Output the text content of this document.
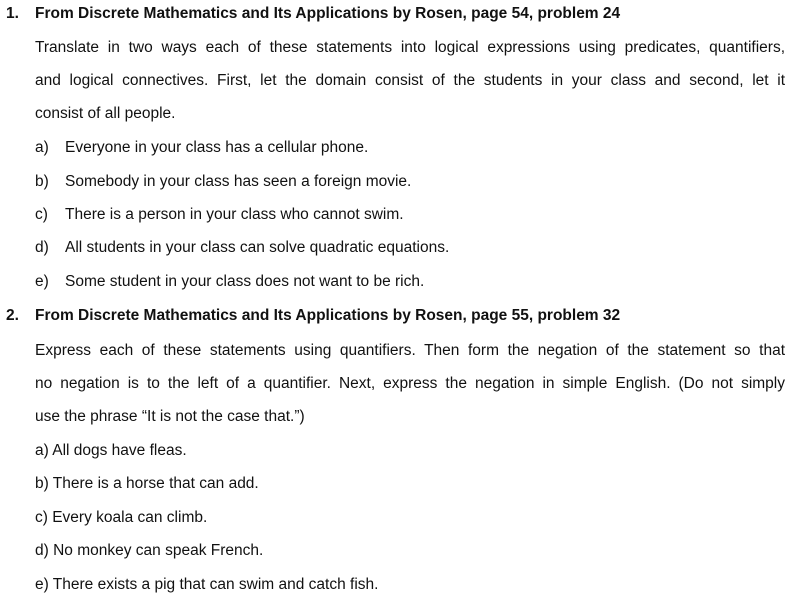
1. From Discrete Mathematics and Its Applications by Rosen, page 54, problem 24
Translate in two ways each of these statements into logical expressions using predicates, quantifiers,
and logical connectives. First, let the domain consist of the students in your class and second, let it
consist of all people.
a) Everyone in your class has a cellular phone.
b) Somebody in your class has seen a foreign movie.
c) There is a person in your class who cannot swim.
d) All students in your class can solve quadratic equations.
e) Some student in your class does not want to be rich.
2. From Discrete Mathematics and Its Applications by Rosen, page 55, problem 32
Express each of these statements using quantifiers. Then form the negation of the statement so that
no negation is to the left of a quantifier. Next, express the negation in simple English. (Do not simply
use the phrase “It is not the case that.”)
a) All dogs have fleas.
b) There is a horse that can add.
c) Every koala can climb.
d) No monkey can speak French.
e) There exists a pig that can swim and catch fish.
